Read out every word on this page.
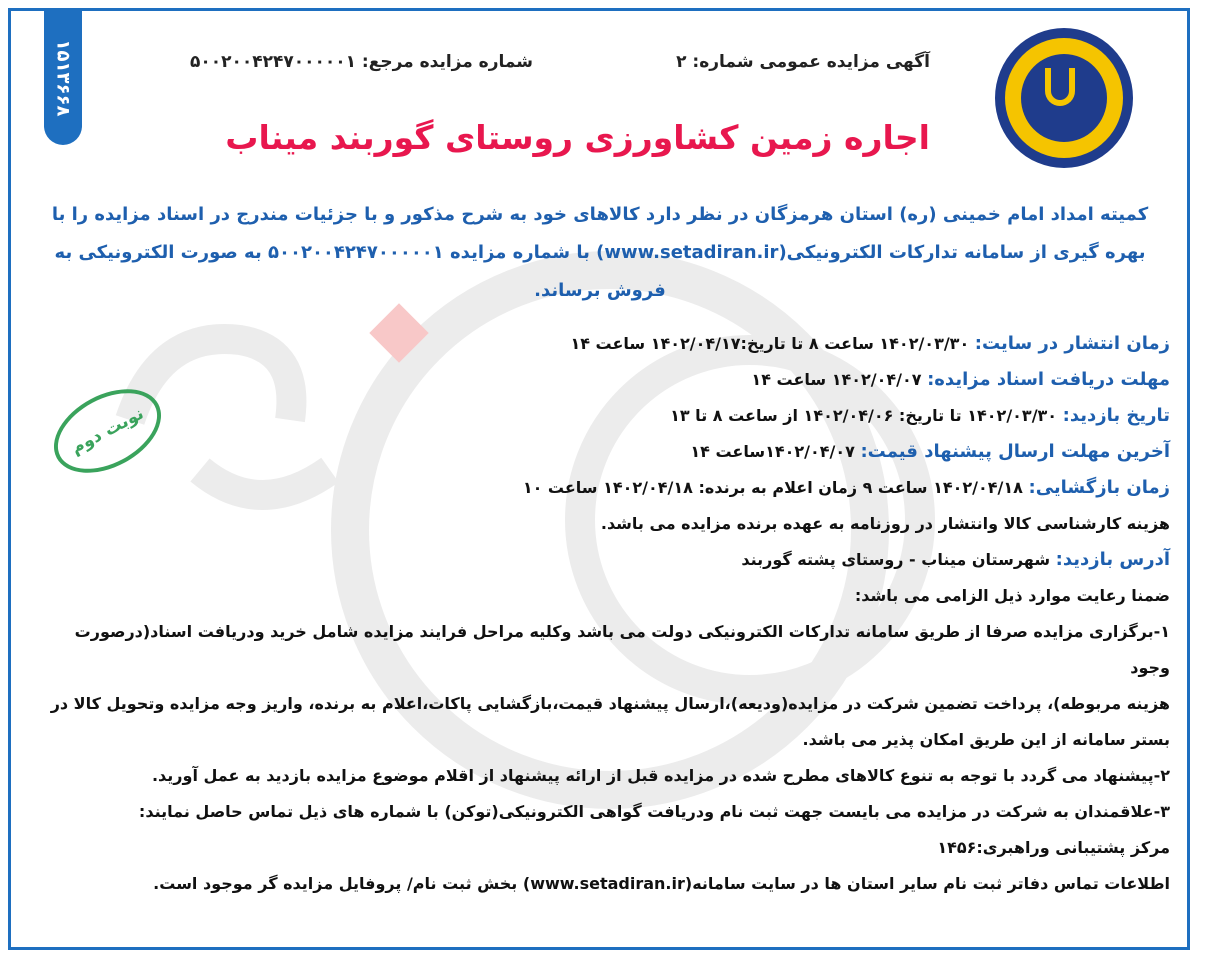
۱۵۱۳۶۶۸	آگهی مزایده عمومی شماره: ۲
شماره مزایده مرجع: ۵۰۰۲۰۰۴۲۴۷۰۰۰۰۰۱
اجاره زمین کشاورزی روستای گوربند میناب
کمیته امداد امام خمینی (ره) استان هرمزگان در نظر دارد کالاهای خود به شرح مذکور و با جزئیات مندرج در اسناد مزایده را با بهره گیری از سامانه تدارکات الکترونیکی(www.setadiran.ir) با شماره مزایده ۵۰۰۲۰۰۴۲۴۷۰۰۰۰۰۱ به صورت الکترونیکی به فروش برساند.
زمان انتشار در سایت: ۱۴۰۲/۰۳/۳۰ ساعت ۸ تا تاریخ:۱۴۰۲/۰۴/۱۷ ساعت ۱۴
مهلت دریافت اسناد مزایده: ۱۴۰۲/۰۴/۰۷ ساعت ۱۴
تاریخ بازدید: ۱۴۰۲/۰۳/۳۰ تا تاریخ: ۱۴۰۲/۰۴/۰۶ از ساعت ۸ تا ۱۳
آخرین مهلت ارسال پیشنهاد قیمت: ۱۴۰۲/۰۴/۰۷ساعت ۱۴
زمان بازگشایی: ۱۴۰۲/۰۴/۱۸ ساعت ۹ زمان اعلام به برنده: ۱۴۰۲/۰۴/۱۸ ساعت ۱۰
هزینه کارشناسی کالا وانتشار در روزنامه به عهده برنده مزایده می باشد.
آدرس بازدید: شهرستان میناب - روستای پشته گوربند
ضمنا رعایت موارد ذیل الزامی می باشد:
۱-برگزاری مزایده صرفا از طریق سامانه تدارکات الکترونیکی دولت می باشد وکلیه مراحل فرایند مزایده شامل خرید ودریافت اسناد(درصورت وجود
هزینه مربوطه)، پرداخت تضمین شرکت در مزایده(ودیعه)،ارسال پیشنهاد قیمت،بازگشایی پاکات،اعلام به برنده، واریز وجه مزایده وتحویل کالا در
بستر سامانه از این طریق امکان پذیر می باشد.
۲-پیشنهاد می گردد با توجه به تنوع کالاهای مطرح شده در مزایده قبل از ارائه پیشنهاد از اقلام موضوع مزایده بازدید به عمل آورید.
۳-علاقمندان به شرکت در مزایده می بایست جهت ثبت نام ودریافت گواهی الکترونیکی(توکن) با شماره های ذیل تماس حاصل نمایند:
مرکز پشتیبانی وراهبری:۱۴۵۶
اطلاعات تماس دفاتر ثبت نام سایر استان ها در سایت سامانه(www.setadiran.ir) بخش ثبت نام/ پروفایل مزایده گر موجود است.
نوبت دوم
